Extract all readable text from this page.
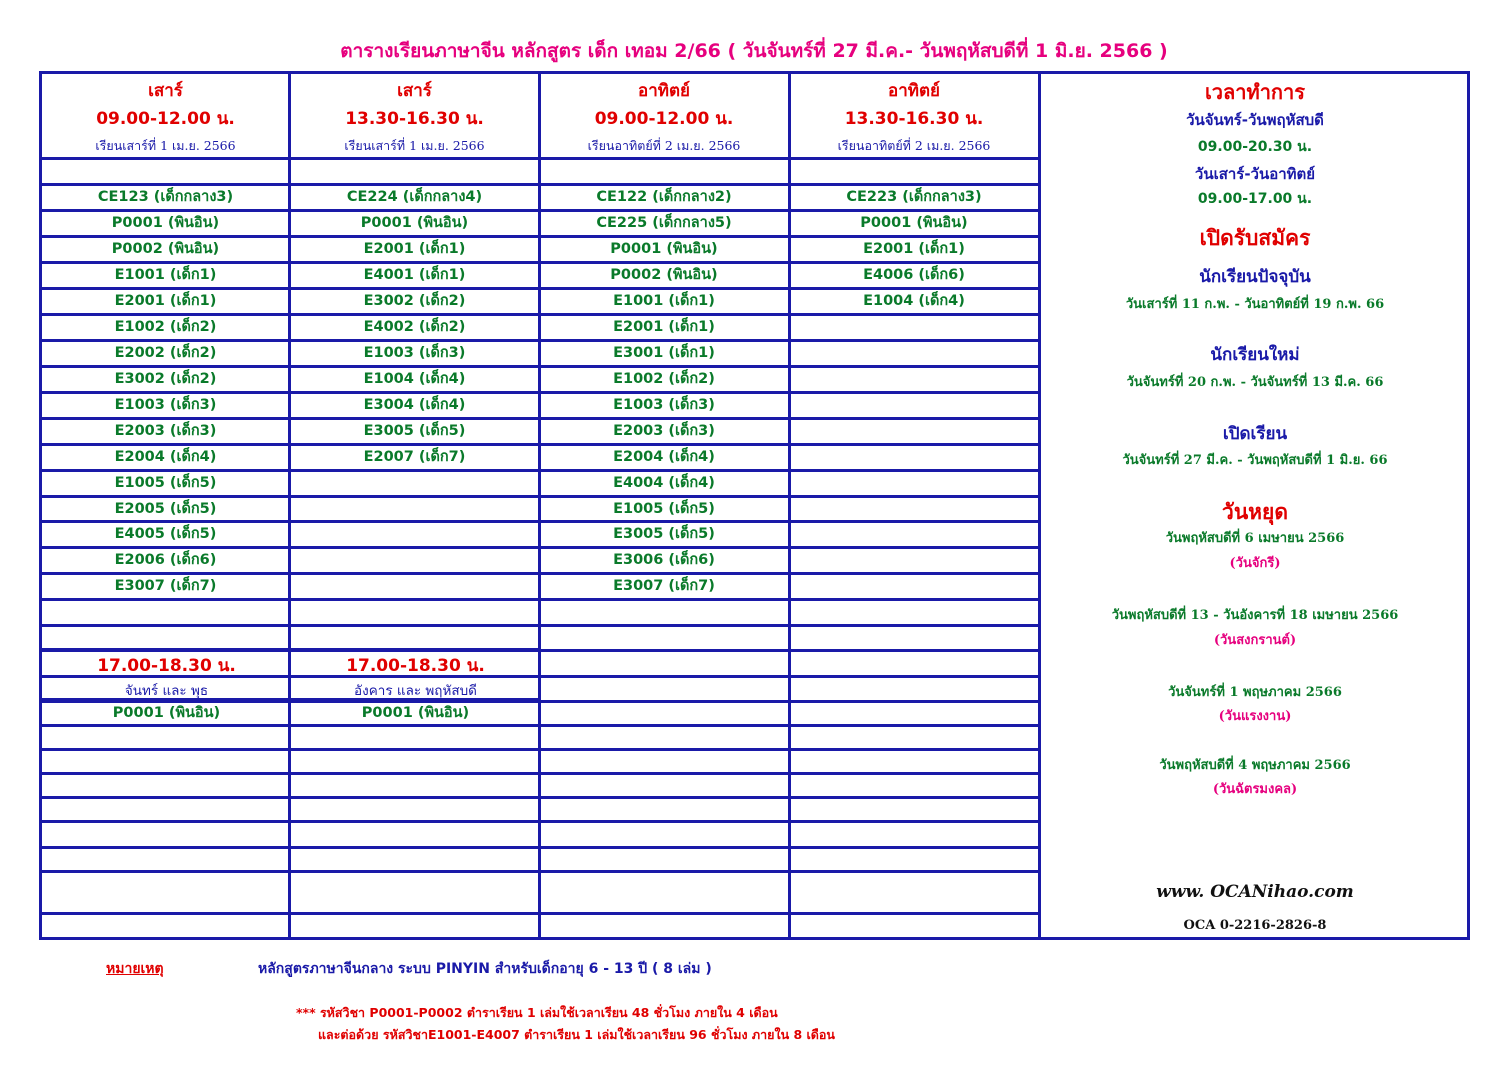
ตารางเรียนภาษาจีน หลักสูตร เด็ก เทอม 2/66 ( วันจันทร์ที่ 27 มี.ค.- วันพฤหัสบดีที่ 1 มิ.ย. 2566 )
เสาร์
09.00-12.00 น.
เรียนเสาร์ที่ 1 เม.ย. 2566
เสาร์
13.30-16.30 น.
เรียนเสาร์ที่ 1 เม.ย. 2566
อาทิตย์
09.00-12.00 น.
เรียนอาทิตย์ที่ 2 เม.ย. 2566
อาทิตย์
13.30-16.30 น.
เรียนอาทิตย์ที่ 2 เม.ย. 2566
CE123 (เด็กกลาง3)
P0001 (พินอิน)
P0002 (พินอิน)
E1001 (เด็ก1)
E2001 (เด็ก1)
E1002 (เด็ก2)
E2002 (เด็ก2)
E3002 (เด็ก2)
E1003 (เด็ก3)
E2003 (เด็ก3)
E2004 (เด็ก4)
E1005 (เด็ก5)
E2005 (เด็ก5)
E4005 (เด็ก5)
E2006 (เด็ก6)
E3007 (เด็ก7)
CE224 (เด็กกลาง4)
P0001 (พินอิน)
E2001 (เด็ก1)
E4001 (เด็ก1)
E3002 (เด็ก2)
E4002 (เด็ก2)
E1003 (เด็ก3)
E1004 (เด็ก4)
E3004 (เด็ก4)
E3005 (เด็ก5)
E2007 (เด็ก7)
CE122 (เด็กกลาง2)
CE225 (เด็กกลาง5)
P0001 (พินอิน)
P0002 (พินอิน)
E1001 (เด็ก1)
E2001 (เด็ก1)
E3001 (เด็ก1)
E1002 (เด็ก2)
E1003 (เด็ก3)
E2003 (เด็ก3)
E2004 (เด็ก4)
E4004 (เด็ก4)
E1005 (เด็ก5)
E3005 (เด็ก5)
E3006 (เด็ก6)
E3007 (เด็ก7)
CE223 (เด็กกลาง3)
P0001 (พินอิน)
E2001 (เด็ก1)
E4006 (เด็ก6)
E1004 (เด็ก4)
17.00-18.30 น.
จันทร์ และ พุธ
P0001 (พินอิน)
17.00-18.30 น.
อังคาร และ พฤหัสบดี
P0001 (พินอิน)
เวลาทำการ
วันจันทร์-วันพฤหัสบดี
09.00-20.30 น.
วันเสาร์-วันอาทิตย์
09.00-17.00 น.
เปิดรับสมัคร
นักเรียนปัจจุบัน
วันเสาร์ที่ 11 ก.พ. - วันอาทิตย์ที่ 19 ก.พ. 66
นักเรียนใหม่
วันจันทร์ที่ 20 ก.พ. - วันจันทร์ที่ 13 มี.ค. 66
เปิดเรียน
วันจันทร์ที่ 27 มี.ค. - วันพฤหัสบดีที่ 1 มิ.ย. 66
วันหยุด
วันพฤหัสบดีที่ 6 เมษายน 2566
(วันจักรี)
วันพฤหัสบดีที่ 13 - วันอังคารที่ 18 เมษายน 2566
(วันสงกรานต์)
วันจันทร์ที่ 1 พฤษภาคม 2566
(วันแรงงาน)
วันพฤหัสบดีที่ 4 พฤษภาคม 2566
(วันฉัตรมงคล)
www. OCANihao.com
OCA 0-2216-2826-8
หมายเหตุ	หลักสูตรภาษาจีนกลาง ระบบ PINYIN สำหรับเด็กอายุ 6 - 13 ปี ( 8 เล่ม )
*** รหัสวิชา P0001-P0002 ตำราเรียน 1 เล่มใช้เวลาเรียน 48 ชั่วโมง ภายใน 4 เดือน
และต่อด้วย รหัสวิชาE1001-E4007 ตำราเรียน 1 เล่มใช้เวลาเรียน 96 ชั่วโมง ภายใน 8 เดือน
